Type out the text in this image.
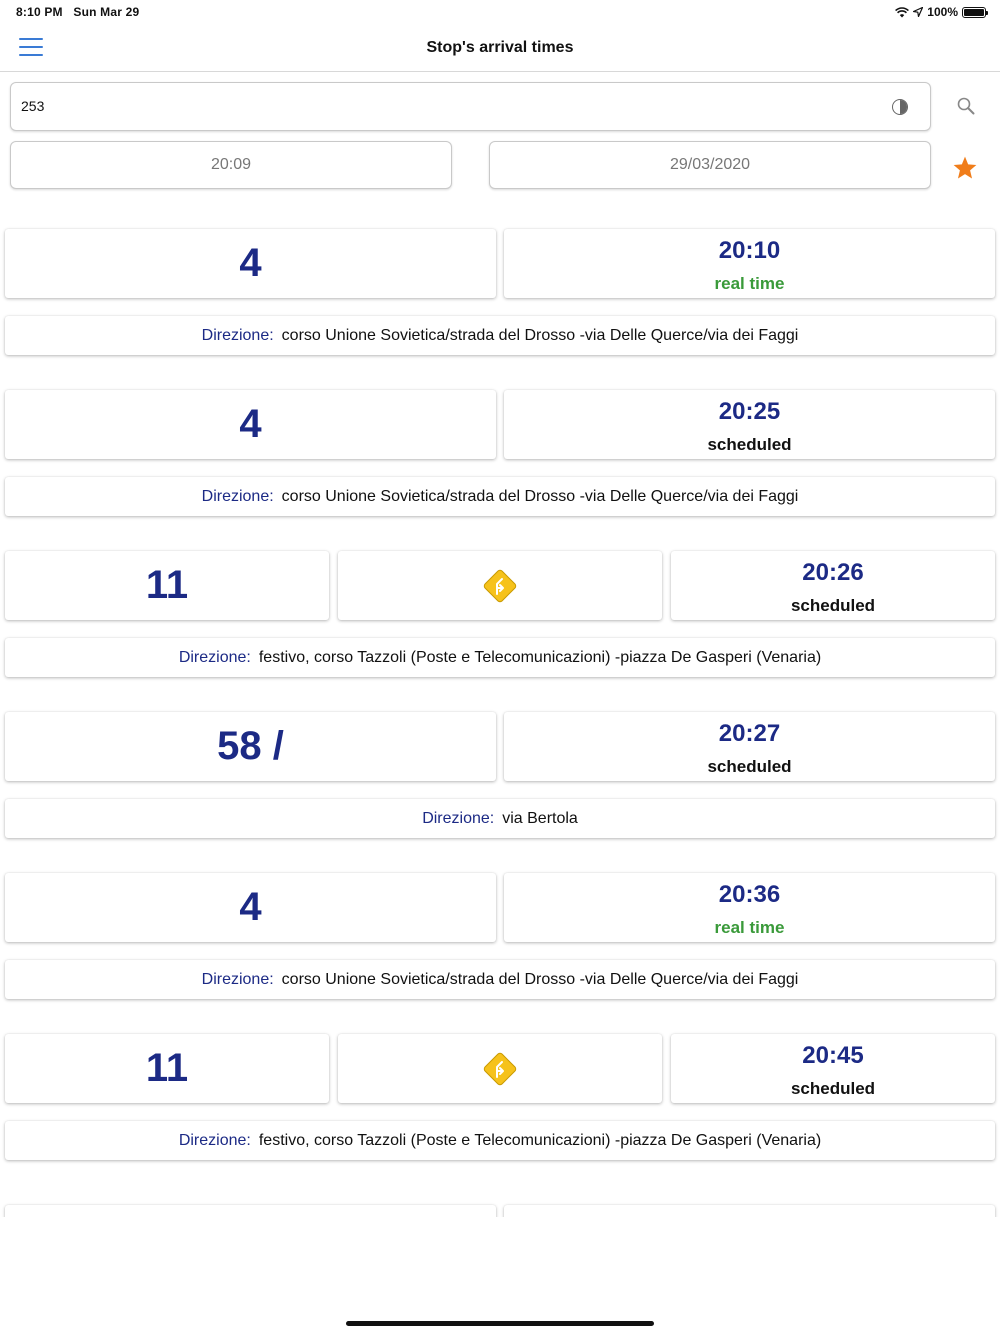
8:10 PM Sun Mar 29	100%
Stop's arrival times
253
20:09	29/03/2020
4	20:10
real time
Direzione: corso Unione Sovietica/strada del Drosso -via Delle Querce/via dei Faggi
4	20:25
scheduled
Direzione: corso Unione Sovietica/strada del Drosso -via Delle Querce/via dei Faggi
11	20:26
scheduled
Direzione: festivo, corso Tazzoli (Poste e Telecomunicazioni) -piazza De Gasperi (Venaria)
58 /	20:27
scheduled
Direzione: via Bertola
4	20:36
real time
Direzione: corso Unione Sovietica/strada del Drosso -via Delle Querce/via dei Faggi
11	20:45
scheduled
Direzione: festivo, corso Tazzoli (Poste e Telecomunicazioni) -piazza De Gasperi (Venaria)
